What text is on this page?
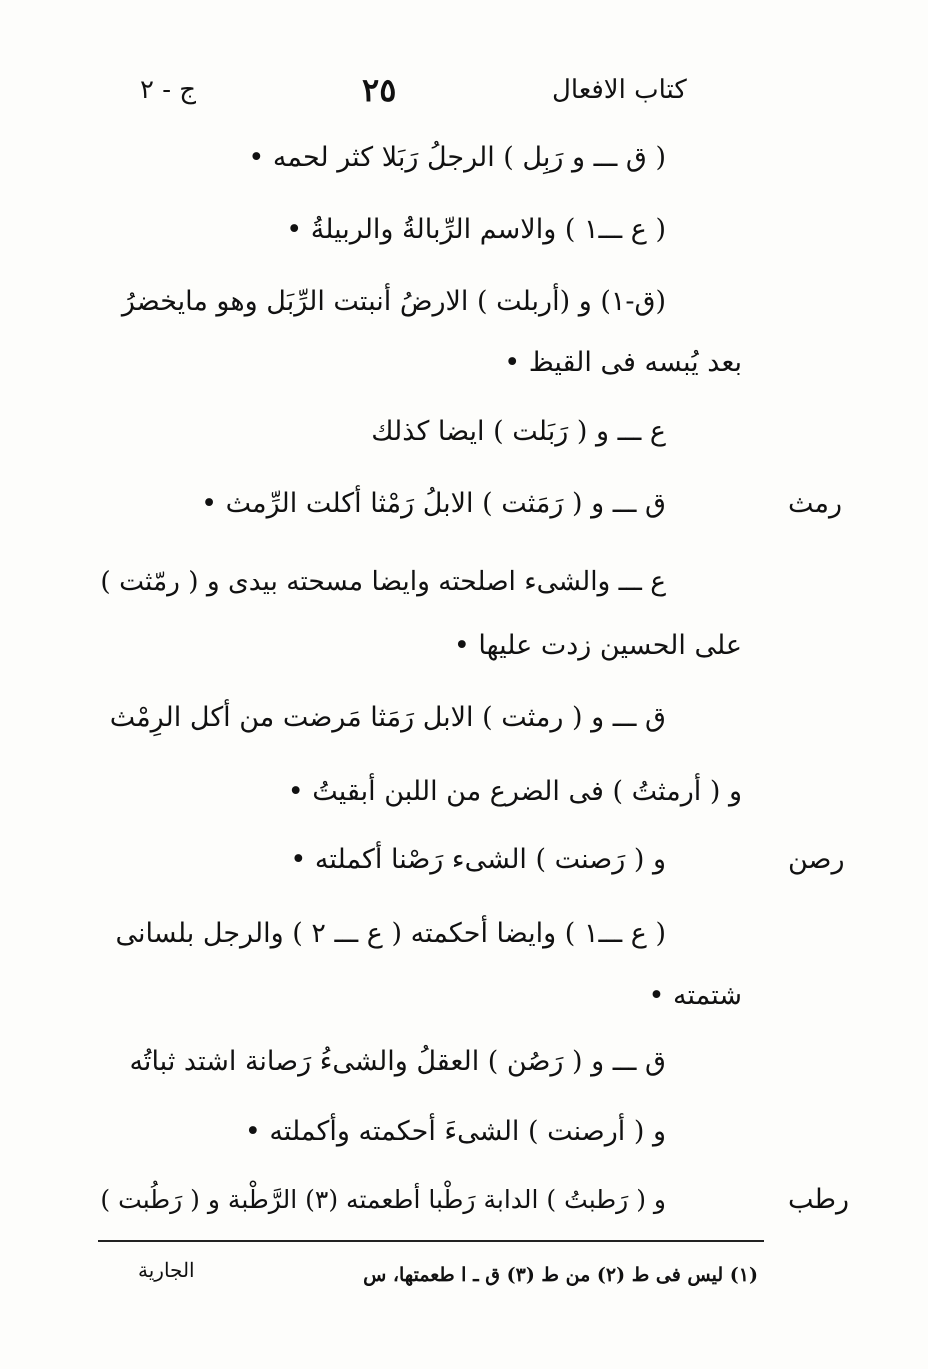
كتاب الافعال

٢٥

ج - ٢

( ق ـــ و رَبِل ) الرجلُ رَبَلا كثر لحمه •

( ع ـــ١ ) والاسم الرِّبالةُ والربيلةُ •

(ق-١) و (أربلت ) الارضُ أنبتت الرِّبَل وهو مايخضرُ

بعد يُبسه فى القيظ •

ع ـــ و ( رَبَلت ) ايضا كذلك

ق ـــ و ( رَمَثت ) الابلُ رَمْثا أكلت الرِّمث •

ع ـــ والشىء اصلحته وايضا مسحته بيدى و ( رمّثت )

على الحسين زدت عليها •

ق ـــ و ( رمثت ) الابل رَمَثا مَرضت من أكل الرِمْث

و ( أرمثتُ ) فى الضرع من اللبن أبقيتُ •

و ( رَصنت ) الشىء رَصْنا أكملته •

( ع ـــ١ ) وايضا أحكمته ( ع ـــ ٢ ) والرجل بلسانى

شتمته •

ق ـــ و ( رَصُن ) العقلُ والشىءُ رَصانة اشتد ثباتُه

و ( أرصنت ) الشىءَ أحكمته وأكملته •

و ( رَطبتُ ) الدابة رَطْبا أطعمته (٣) الرَّطْبة و ( رَطُبت )

رمث

رصن

رطب

(١) ليس فى ط (٢) من ط (٣) ق ـ ا طعمتها، س

الجارية
